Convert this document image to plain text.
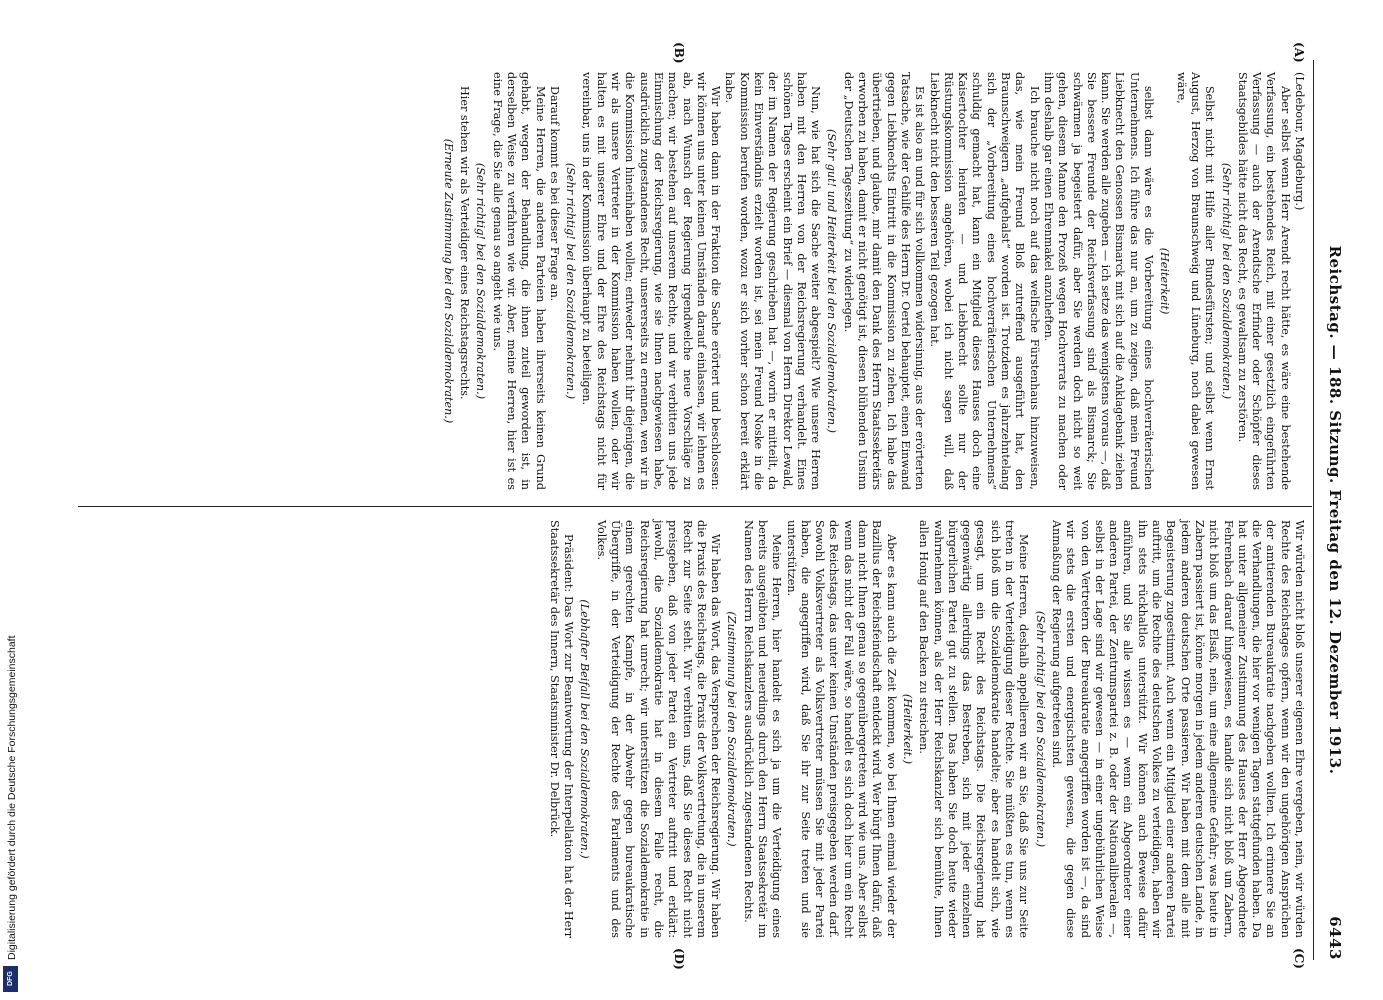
Digitalisierung gefördert durch die Deutsche Forschungsgemeinschaft
DFG
Reichstag. — 188. Sitzung. Freitag den 12. Dezember 1913.
6443
(A)
(B)
(C)
(D)

(Ledebour, Magdeburg.)

Aber selbst wenn Herr Arendt recht hätte, es wäre eine bestehende Verfassung, ein bestehendes Reich, mit einer gesetzlich eingeführten Verfassung — auch der Arendtsche Erfinder oder Schöpfer dieses Staatsgebildes hätte nicht das Recht, es gewaltsam zu zerstören.

(Sehr richtig! bei den Sozialdemokraten.)

Selbst nicht mit Hilfe aller Bundesfürsten; und selbst wenn Ernst August, Herzog von Braunschweig und Lüneburg, noch dabei gewesen wäre,

(Heiterkeit)

selbst dann wäre es die Vorbereitung eines hochverräterischen Unternehmens. Ich führe das nur an, um zu zeigen, daß mein Freund Liebknecht den Genossen Bismarck mit sich auf die Anklagebank ziehen kann. Sie werden alle zugeben — ich setze das wenigstens voraus —, daß Sie bessere Freunde der Reichsverfassung sind als Bismarck; Sie schwärmen ja begeistert dafür, aber Sie werden doch nicht so weit gehen, diesem Manne den Prozeß wegen Hochverrats zu machen oder ihm deshalb gar einen Ehrenmakel anzuheften.

Ich brauche nicht noch auf das welfische Fürstenhaus hinzuweisen, das, wie mein Freund Bloß zutreffend ausgeführt hat, den Braunschweigern „aufgehalst“ worden ist. Trotzdem es jahrzehntelang sich der „Vorbereitung eines hochverräterischen Unternehmens“ schuldig gemacht hat, kann ein Mitglied dieses Hauses doch eine Kaisertochter heiraten — und Liebknecht sollte nur der Rüstungskommission angehören, wobei ich nicht sagen will, daß Liebknecht nicht den besseren Teil gezogen hat.

Es ist also an und für sich vollkommen widersinnig, aus der erörterten Tatsache, wie der Gehilfe des Herrn Dr. Oertel behauptet, einen Einwand gegen Liebknechts Eintritt in die Kommission zu ziehen. Ich habe das übertrieben, und glaube, mir damit den Dank des Herrn Staatssekretärs erworben zu haben, damit er nicht genötigt ist, diesen blühenden Unsinn der „Deutschen Tageszeitung“ zu widerlegen.

(Sehr gut! und Heiterkeit bei den Sozialdemokraten.)

Nun, wie hat sich die Sache weiter abgespielt? Wie unsere Herren haben mit den Herren von der Reichsregierung verhandelt. Eines schönen Tages erscheint ein Brief — diesmal von Herrn Direktor Lewald, der im Namen der Regierung geschrieben hat —, worin er mitteilt, da kein Einverständnis erzielt worden ist, sei mein Freund Noske in die Kommission berufen worden, wozu er sich vorher schon bereit erklärt habe.

Wir haben dann in der Fraktion die Sache erörtert und beschlossen: wir können uns unter keinen Umständen darauf einlassen, wir lehnen es ab, nach Wunsch der Regierung irgendwelche neue Vorschläge zu machen; wir bestehen auf unserem Rechte, und wir verbitten uns jede Einmischung der Reichsregierung, wie sie Ihnen nachgewiesen habe, ausdrücklich zugestandenes Recht, unsererseits zu ernennen, wen wir in die Kommission hineinhaben wollen; entweder nehmt ihr diejenigen, die wir als unsere Vertreter in der Kommission haben wollen, oder wir halten es mit unserer Ehre und der Ehre des Reichstags nicht für vereinbar, uns in der Kommission überhaupt zu beteiligen.

(Sehr richtig! bei den Sozialdemokraten.)

Darauf kommt es bei dieser Frage an.

Meine Herren, die anderen Parteien haben ihrerseits keinen Grund gehabt, wegen der Behandlung, die ihnen zuteil geworden ist, in derselben Weise zu verfahren wie wir. Aber, meine Herren, hier ist es eine Frage, die Sie alle genau so angeht wie uns.

(Sehr richtig! bei den Sozialdemokraten.)

Hier stehen wir als Verteidiger eines Reichstagsrechts.

(Erneute Zustimmung bei den Sozialdemokraten.)

Wir würden nicht bloß unserer eigenen Ehre vergeben, nein, wir würden Rechte des Reichstages opfern, wenn wir den ungehörigen Ansprüchen der amtierenden Bureaukratie nachgeben wollten. Ich erinnere Sie an die Verhandlungen, die hier vor wenigen Tagen stattgefunden haben. Da hat unter allgemeiner Zustimmung des Hauses der Herr Abgeordnete Fehrenbach darauf hingewiesen, es handle sich nicht bloß um Zabern, nicht bloß um das Elsaß, nein, um eine allgemeine Gefahr; was heute in Zabern passiert ist, könne morgen in jedem anderen deutschen Lande, in jedem anderen deutschen Orte passieren. Wir haben mit dem alle mit Begeisterung zugestimmt. Auch wenn ein Mitglied einer anderen Partei auftritt, um die Rechte des deutschen Volkes zu verteidigen, haben wir ihn stets rückhaltlos unterstützt. Wir können auch Beweise dafür anführen, und Sie alle wissen es — wenn ein Abgeordneter einer anderen Partei, der Zentrumspartei z. B. oder der Nationalliberalen —, selbst in der Lage sind wir gewesen — in einer ungebührlichen Weise von den Vertretern der Bureaukratie angegriffen worden ist —, da sind wir stets die ersten und energischsten gewesen, die gegen diese Anmaßung der Regierung aufgetreten sind.

(Sehr richtig! bei den Sozialdemokraten.)

Meine Herren, deshalb appellieren wir an Sie, daß Sie uns zur Seite treten in der Verteidigung dieser Rechte. Sie müßten es tun, wenn es sich bloß um die Sozialdemokratie handelte; aber es handelt sich, wie gesagt, um ein Recht des Reichstags. Die Reichsregierung hat gegenwärtig allerdings das Bestreben, sich mit jeder einzelnen bürgerlichen Partei gut zu stellen. Das haben Sie doch heute wieder wahrnehmen können, als der Herr Reichskanzler sich bemühte, Ihnen allen Honig auf den Backen zu streichen.

(Heiterkeit.)

Aber es kann auch die Zeit kommen, wo bei Ihnen einmal wieder der Bazillus der Reichsfeindschaft entdeckt wird. Wer bürgt Ihnen dafür, daß dann nicht Ihnen genau so gegenübergetreten wird wie uns. Aber selbst wenn das nicht der Fall wäre, so handelt es sich doch hier um ein Recht des Reichstags, das unter keinen Umständen preisgegeben werden darf. Sowohl Volksvertreter als Volksvertreter müssen Sie mit jeder Partei haben, die angegriffen wird, daß Sie ihr zur Seite treten und sie unterstützen.

Meine Herren, hier handelt es sich ja um die Verteidigung eines bereits ausgeübten und neuerdings durch den Herrn Staatssekretär im Namen des Herrn Reichskanzlers ausdrücklich zugestandenen Rechts.

(Zustimmung bei den Sozialdemokraten.)

Wir haben das Wort, das Versprechen der Reichsregierung. Wir haben die Praxis des Reichstags, die Praxis der Volksvertretung, die in unserem Recht zur Seite steht. Wir verbitten uns, daß Sie dieses Recht nicht preisgeben, daß von jeder Partei ein Vertreter auftritt und erklärt: jawohl, die Sozialdemokratie hat in diesem Falle recht, die Reichsregierung hat unrecht; wir unterstützen die Sozialdemokratie in einem gerechten Kampfe, in der Abwehr gegen bureaukratische Übergriffe, in der Verteidigung der Rechte des Parlaments und des Volkes.

(Lebhafter Beifall bei den Sozialdemokraten.)

Präsident: Das Wort zur Beantwortung der Interpellation hat der Herr Staatssekretär des Innern, Staatsminister Dr. Delbrück.
